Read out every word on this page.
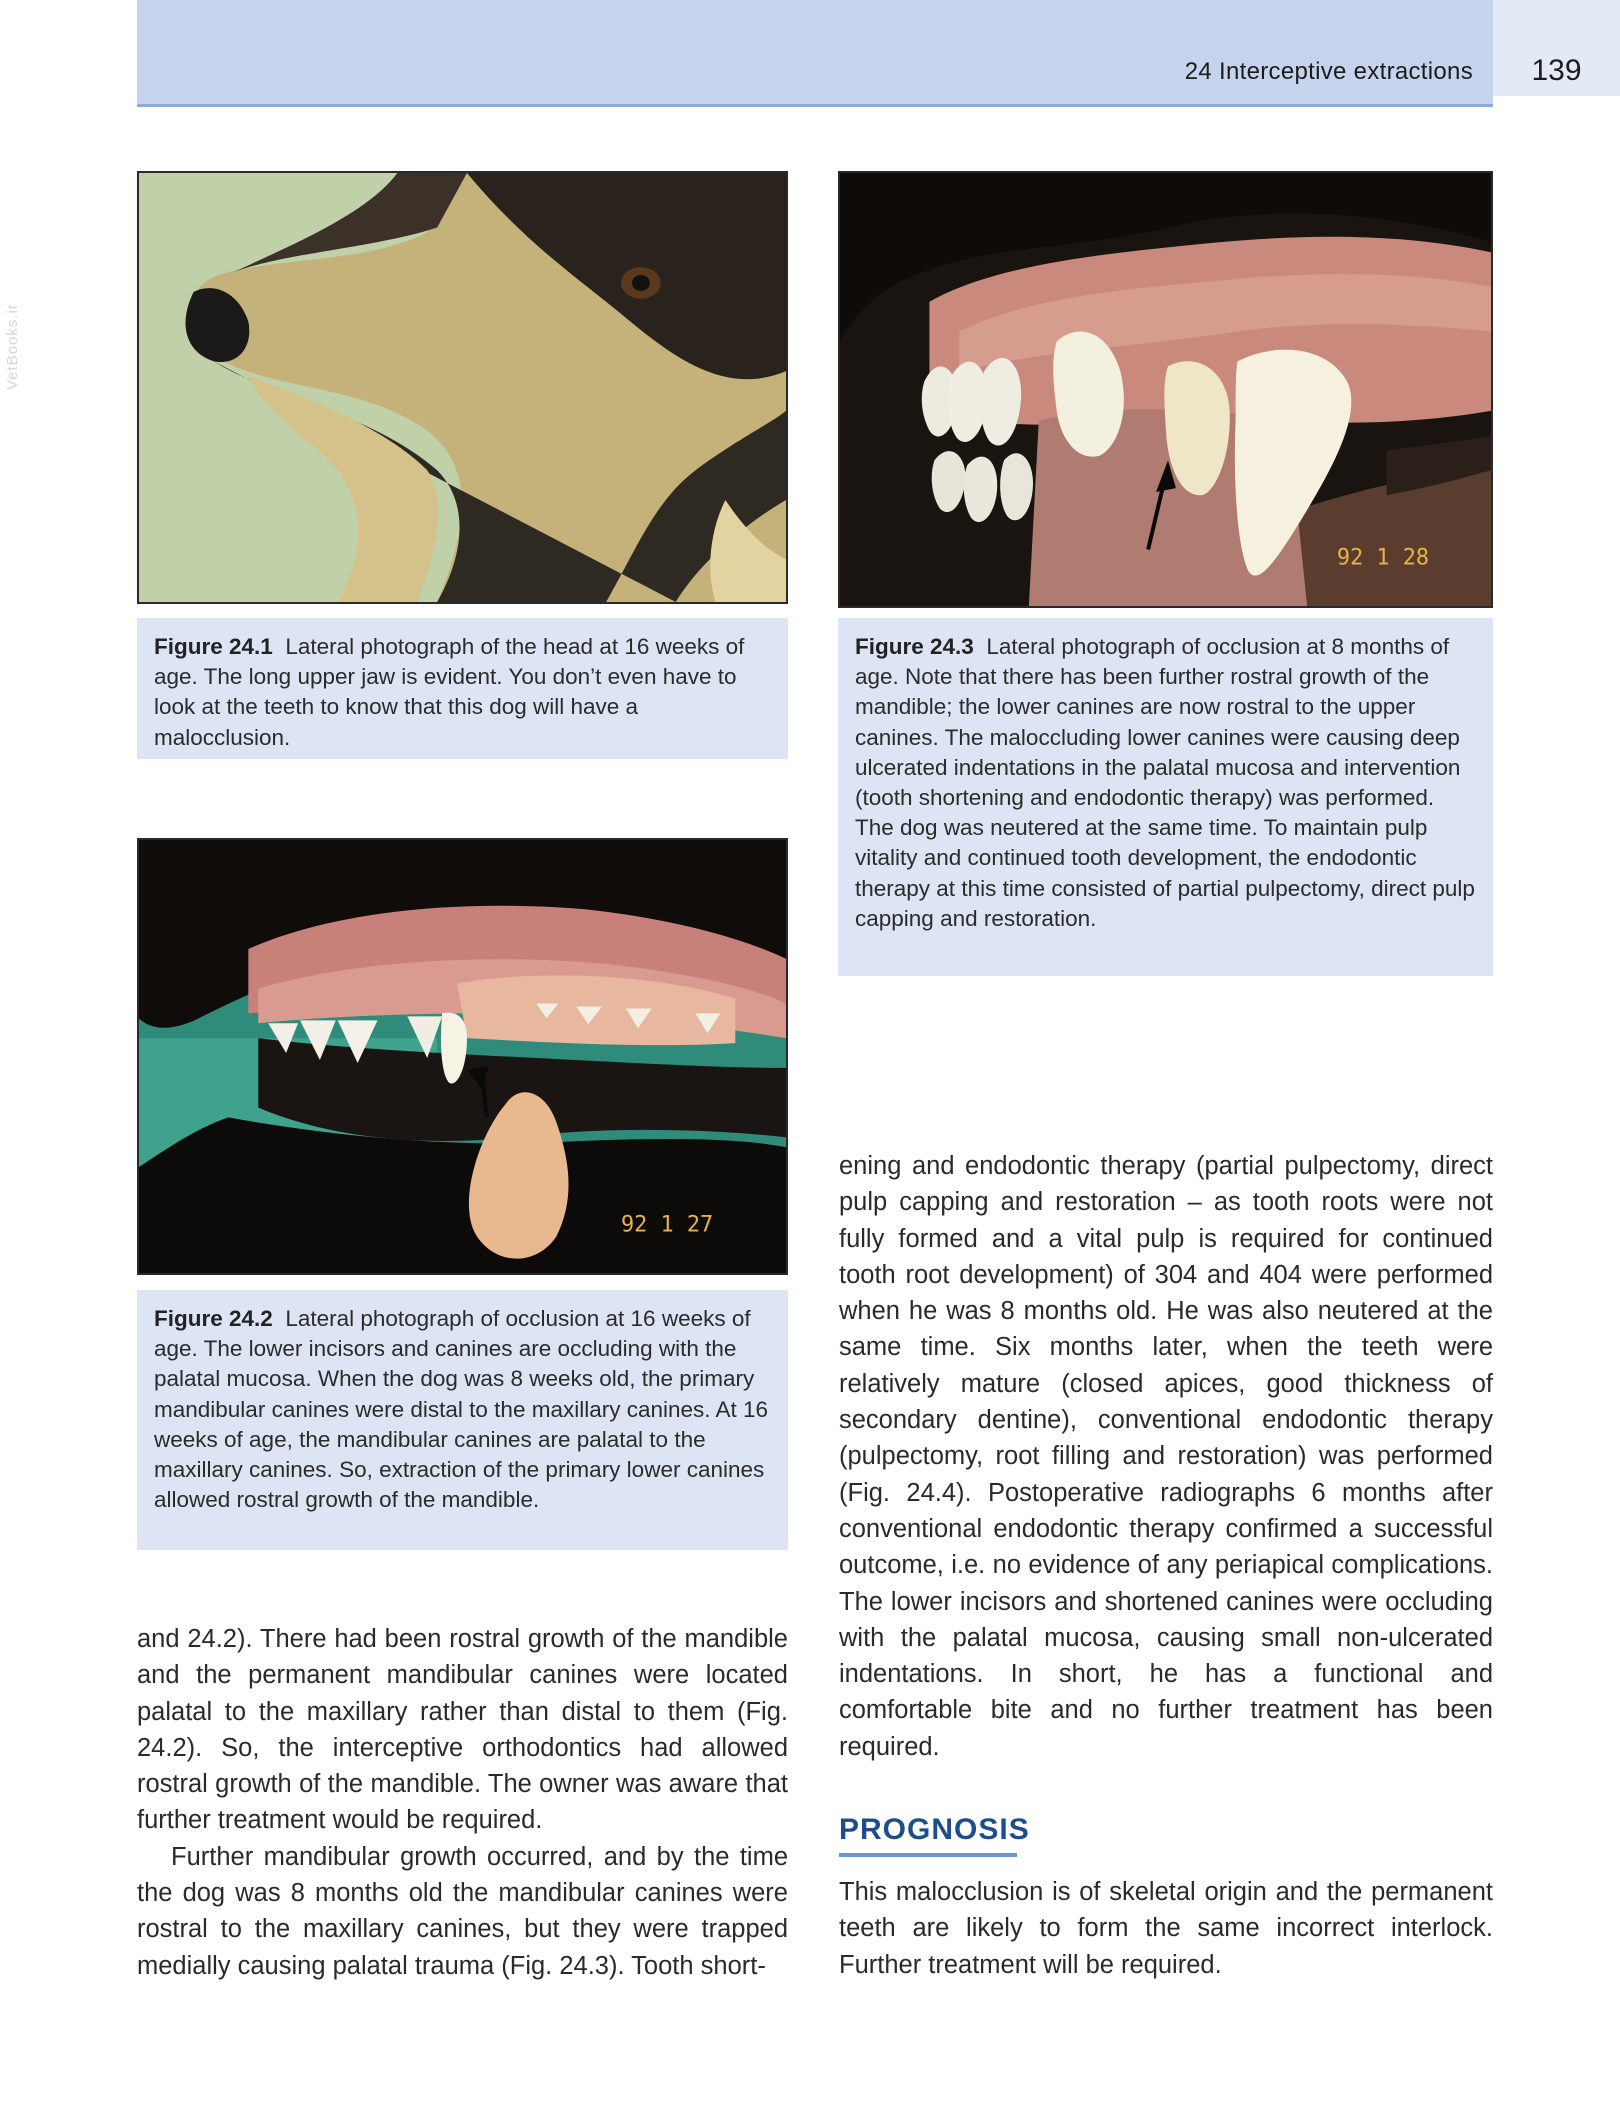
24 Interceptive extractions	139
VetBooks.ir
Figure 24.1 Lateral photograph of the head at 16 weeks of age. The long upper jaw is evident. You don’t even have to look at the teeth to know that this dog will have a malocclusion.
92 1 28
Figure 24.3 Lateral photograph of occlusion at 8 months of age. Note that there has been further rostral growth of the mandible; the lower canines are now rostral to the upper canines. The maloccluding lower canines were causing deep ulcerated indentations in the palatal mucosa and intervention (tooth shortening and endodontic therapy) was performed. The dog was neutered at the same time. To maintain pulp vitality and continued tooth development, the endodontic therapy at this time consisted of partial pulpectomy, direct pulp capping and restoration.
92 1 27
Figure 24.2 Lateral photograph of occlusion at 16 weeks of age. The lower incisors and canines are occluding with the palatal mucosa. When the dog was 8 weeks old, the primary mandibular canines were distal to the maxillary canines. At 16 weeks of age, the mandibular canines are palatal to the maxillary canines. So, extraction of the primary lower canines allowed rostral growth of the mandible.

and 24.2). There had been rostral growth of the mandible and the permanent mandibular canines were located palatal to the maxillary rather than distal to them (Fig. 24.2). So, the interceptive orthodontics had allowed rostral growth of the mandible. The owner was aware that further treatment would be required.

Further mandibular growth occurred, and by the time the dog was 8 months old the mandibular canines were rostral to the maxillary canines, but they were trapped medially causing palatal trauma (Fig. 24.3). Tooth short-

ening and endodontic therapy (partial pulpectomy, direct pulp capping and restoration – as tooth roots were not fully formed and a vital pulp is required for continued tooth root development) of 304 and 404 were performed when he was 8 months old. He was also neutered at the same time. Six months later, when the teeth were relatively mature (closed apices, good thickness of secondary dentine), conventional endodontic therapy (pulpectomy, root filling and restoration) was performed (Fig. 24.4). Postoperative radiographs 6 months after conventional endodontic therapy confirmed a successful outcome, i.e. no evidence of any periapical complications. The lower incisors and shortened canines were occluding with the palatal mucosa, causing small non-ulcerated indentations. In short, he has a functional and comfortable bite and no further treatment has been required.

PROGNOSIS

This malocclusion is of skeletal origin and the permanent teeth are likely to form the same incorrect interlock. Further treatment will be required.
